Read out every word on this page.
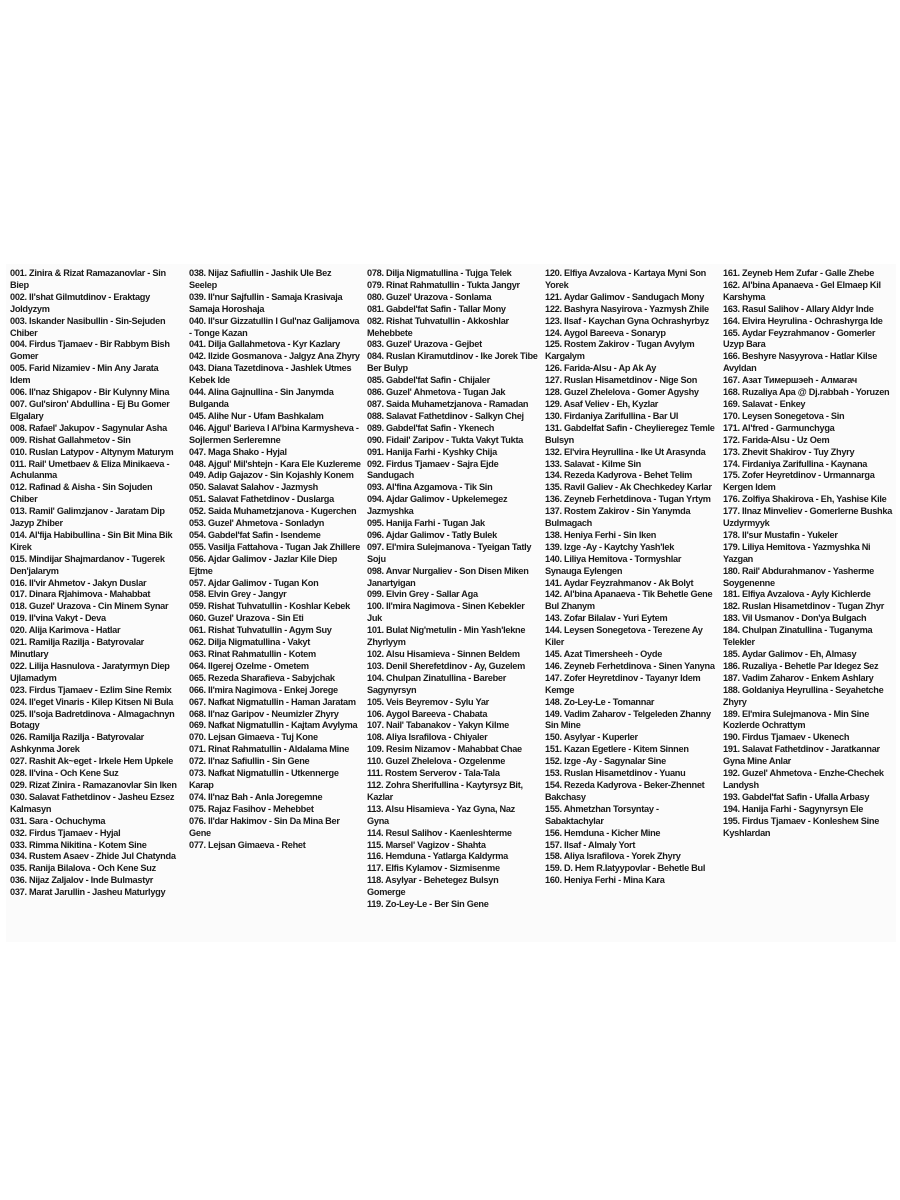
001. Zinira & Rizat Ramazanovlar - Sin Biep
002. Il'shat Gilmutdinov - Eraktagy Joldyzym
003. Iskander Nasibullin - Sin-Sejuden Chiber
004. Firdus Tjamaev - Bir Rabbym Bish Gomer
005. Farid Nizamiev - Min Any Jarata Idem
006. Il'naz Shigapov - Bir Kulynny Mina
007. Gul'siron' Abdullina - Ej Bu Gomer Elgalary
008. Rafael' Jakupov - Sagynular Asha
009. Rishat Gallahmetov - Sin
010. Ruslan Latypov - Altynym Maturym
011. Rail' Umetbaev & Eliza Minikaeva - Achulanma
012. Rafinad & Aisha - Sin Sojuden Chiber
013. Ramil' Galimzjanov - Jaratam Dip Jazyp Zhiber
014. Al'fija Habibullina - Sin Bit Mina Bik Kirek
015. Mindijar Shajmardanov - Tugerek Den'jalarym
016. Il'vir Ahmetov - Jakyn Duslar
017. Dinara Rjahimova - Mahabbat
018. Guzel' Urazova - Cin Minem Synar
019. Il'vina Vakyt - Deva
020. Alija Karimova - Hatlar
021. Ramilja Razilja - Batyrovalar Minutlary
022. Lilija Hasnulova - Jaratyrmyn Diep Ujlamadym
023. Firdus Tjamaev - Ezlim Sine Remix
024. Il'eget Vinaris - Kilep Kitsen Ni Bula
025. Il'soja Badretdinova - Almagachnyn Botagy
026. Ramilja Razilja - Batyrovalar Ashkynma Jorek
027. Rashit Ak~eget - Irkele Hem Upkele
028. Il'vina - Och Kene Suz
029. Rizat Zinira - Ramazanovlar Sin Iken
030. Salavat Fathetdinov - Jasheu Ezsez Kalmasyn
031. Sara - Ochuchyma
032. Firdus Tjamaev - Hyjal
033. Rimma Nikitina - Kotem Sine
034. Rustem Asaev - Zhide Jul Chatynda
035. Ranija Bilalova - Och Kene Suz
036. Nijaz Zaljalov - Inde Bulmastyr
037. Marat Jarullin - Jasheu Maturlygy
038. Nijaz Safiullin - Jashik Ule Bez Seelep
039. Il'nur Sajfullin - Samaja Krasivaja Samaja Horoshaja
040. Il'sur Gizzatullin I Gul'naz Galijamova - Tonge Kazan
041. Dilja Gallahmetova - Kyr Kazlary
042. Ilzide Gosmanova - Jalgyz Ana Zhyry
043. Diana Tazetdinova - Jashlek Utmes Kebek Ide
044. Alina Gajnullina - Sin Janymda Bulganda
045. Alihe Nur - Ufam Bashkalam
046. Ajgul' Barieva I Al'bina Karmysheva - Sojlermen Serleremne
047. Maga Shako - Hyjal
048. Ajgul' Mil'shtejn - Kara Ele Kuzlereme
049. Adip Gajazov - Sin Kojashly Konem
050. Salavat Salahov - Jazmysh
051. Salavat Fathetdinov - Duslarga
052. Saida Muhametzjanova - Kugerchen
053. Guzel' Ahmetova - Sonladyn
054. Gabdel'fat Safin - Isendeme
055. Vasilja Fattahova - Tugan Jak Zhillere
056. Ajdar Galimov - Jazlar Kile Diep Ejtme
057. Ajdar Galimov - Tugan Kon
058. Elvin Grey - Jangyr
059. Rishat Tuhvatullin - Koshlar Kebek
060. Guzel' Urazova - Sin Eti
061. Rishat Tuhvatullin - Agym Suy
062. Dilja Nigmatullina - Vakyt
063. Rinat Rahmatullin - Kotem
064. Ilgerej Ozelme - Ometem
065. Rezeda Sharafieva - Sabyjchak
066. Il'mira Nagimova - Enkej Jorege
067. Nafkat Nigmatullin - Haman Jaratam
068. Il'naz Garipov - Neumizler Zhyry
069. Nafkat Nigmatullin - Kajtam Avylyma
070. Lejsan Gimaeva - Tuj Kone
071. Rinat Rahmatullin - Aldalama Mine
072. Il'naz Safiullin - Sin Gene
073. Nafkat Nigmatullin - Utkennerge Karap
074. Il'naz Bah - Anla Joregemne
075. Rajaz Fasihov - Mehebbet
076. Il'dar Hakimov - Sin Da Mina Ber Gene
077. Lejsan Gimaeva - Rehet
078. Dilja Nigmatullina - Tujga Telek
079. Rinat Rahmatullin - Tukta Jangyr
080. Guzel' Urazova - Sonlama
081. Gabdel'fat Safin - Tallar Mony
082. Rishat Tuhvatullin - Akkoshlar Mehebbete
083. Guzel' Urazova - Gejbet
084. Ruslan Kiramutdinov - Ike Jorek Tibe Ber Bulyp
085. Gabdel'fat Safin - Chijaler
086. Guzel' Ahmetova - Tugan Jak
087. Saida Muhametzjanova - Ramadan
088. Salavat Fathetdinov - Salkyn Chej
089. Gabdel'fat Safin - Ykenech
090. Fidail' Zaripov - Tukta Vakyt Tukta
091. Hanija Farhi - Kyshky Chija
092. Firdus Tjamaev - Sajra Ejde Sandugach
093. Al'fina Azgamova - Tik Sin
094. Ajdar Galimov - Upkelemegez Jazmyshka
095. Hanija Farhi - Tugan Jak
096. Ajdar Galimov - Tatly Bulek
097. El'mira Sulejmanova - Tyeigan Tatly Soju
098. Anvar Nurgaliev - Son Disen Miken Janartyigan
099. Elvin Grey - Sallar Aga
100. Il'mira Nagimova - Sinen Kebekler Juk
101. Bulat Nig'metulin - Min Yash'lekne Zhyrlyym
102. Alsu Hisamieva - Sinnen Beldem
103. Denil Sherefetdinov - Ay, Guzelem
104. Chulpan Zinatullina - Bareber Sagynyrsyn
105. Veis Beyremov - Sylu Yar
106. Aygol Bareeva - Chabata
107. Nail' Tabanakov - Yakyn Kilme
108. Aliya Israfilova - Chiyaler
109. Resim Nizamov - Mahabbat Chae
110. Guzel Zhelelova - Ozgelenme
111. Rostem Serverov - Tala-Tala
112. Zohra Sherifullina - Kaytyrsyz Bit, Kazlar
113. Alsu Hisamieva - Yaz Gyna, Naz Gyna
114. Resul Salihov - Kaenleshterme
115. Marsel' Vagizov - Shahta
116. Hemduna - Yatlarga Kaldyrma
117. Elfis Kylamov - Sizmisenme
118. Asylyar - Behetegez Bulsyn Gomerge
119. Zo-Ley-Le - Ber Sin Gene
120. Elfiya Avzalova - Kartaya Myni Son Yorek
121. Aydar Galimov - Sandugach Mony
122. Bashyra Nasyirova - Yazmysh Zhile
123. Ilsaf - Kaychan Gyna Ochrashyrbyz
124. Aygol Bareeva - Sonaryp
125. Rostem Zakirov - Tugan Avylym Kargalym
126. Farida-Alsu - Ap Ak Ay
127. Ruslan Hisametdinov - Nige Son
128. Guzel Zhelelova - Gomer Agyshy
129. Asaf Veliev - Eh, Kyzlar
130. Firdaniya Zarifullina - Bar Ul
131. Gabdelfat Safin - Cheylieregez Temle Bulsyn
132. El'vira Heyrullina - Ike Ut Arasynda
133. Salavat - Kilme Sin
134. Rezeda Kadyrova - Behet Telim
135. Ravil Galiev - Ak Chechkedey Karlar
136. Zeyneb Ferhetdinova - Tugan Yrtym
137. Rostem Zakirov - Sin Yanymda Bulmagach
138. Heniya Ferhi - Sin Iken
139. Izge -Ay - Kaytchy Yash'lek
140. Liliya Hemitova - Tormyshlar Synauga Eylengen
141. Aydar Feyzrahmanov - Ak Bolyt
142. Al'bina Apanaeva - Tik Behetle Gene Bul Zhanym
143. Zofar Bilalav - Yuri Eytem
144. Leysen Sonegetova - Terezene Ay Kiler
145. Azat Timersheeh - Oyde
146. Zeyneb Ferhetdinova - Sinen Yanyna
147. Zofer Heyretdinov - Tayanyr Idem Kemge
148. Zo-Ley-Le - Tomannar
149. Vadim Zaharov - Telgeleden Zhanny Sin Mine
150. Asylyar - Kuperler
151. Kazan Egetlere - Kitem Sinnen
152. Izge -Ay - Sagynalar Sine
153. Ruslan Hisametdinov - Yuanu
154. Rezeda Kadyrova - Beker-Zhennet Bakchasy
155. Ahmetzhan Torsyntay - Sabaktachylar
156. Hemduna - Kicher Mine
157. Ilsaf - Almaly Yort
158. Aliya Israfilova - Yorek Zhyry
159. D. Hem R.Iatyypovlar - Behetle Bul
160. Heniya Ferhi - Mina Kara
161. Zeyneb Hem Zufar - Galle Zhebe
162. Al'bina Apanaeva - Gel Elmaep Kil Karshyma
163. Rasul Salihov - Allary Aldyr Inde
164. Elvira Heyrulina - Ochrashyrga Ide
165. Aydar Feyzrahmanov - Gomerler Uzyp Bara
166. Beshyre Nasyyrova - Hatlar Kilse Avyldan
167. Азат Тимершэеh - Алмагач
168. Ruzaliya Apa @ Dj.rabbah - Yoruzen
169. Salavat - Enkey
170. Leysen Sonegetova - Sin
171. Al'fred - Garmunchyga
172. Farida-Alsu - Uz Oem
173. Zhevit Shakirov - Tuy Zhyry
174. Firdaniya Zarifullina - Kaynana
175. Zofer Heyretdinov - Urmannarga Kergen Idem
176. Zolfiya Shakirova - Eh, Yashise Kile
177. Ilnaz Minveliev - Gomerlerne Bushka Uzdyrmyyk
178. Il'sur Mustafin - Yukeler
179. Liliya Hemitova - Yazmyshka Ni Yazgan
180. Rail' Abdurahmanov - Yasherme Soygenenne
181. Elfiya Avzalova - Ayly Kichlerde
182. Ruslan Hisametdinov - Tugan Zhyr
183. Vil Usmanov - Don'ya Bulgach
184. Chulpan Zinatullina - Tuganyma Telekler
185. Aydar Galimov - Eh, Almasy
186. Ruzaliya - Behetle Par Idegez Sez
187. Vadim Zaharov - Enkem Ashlary
188. Goldaniya Heyrullina - Seyahetche Zhyry
189. El'mira Sulejmanova - Min Sine Kozlerde Ochrattym
190. Firdus Tjamaev - Ukenech
191. Salavat Fathetdinov - Jaratkannar Gyna Mine Anlar
192. Guzel' Ahmetova - Enzhe-Chechek Landysh
193. Gabdel'fat Safin - Ufalla Arbasy
194. Hanija Farhi - Sagynyrsyn Ele
195. Firdus Tjamaev - Konlesheм Sine Kyshlardan
